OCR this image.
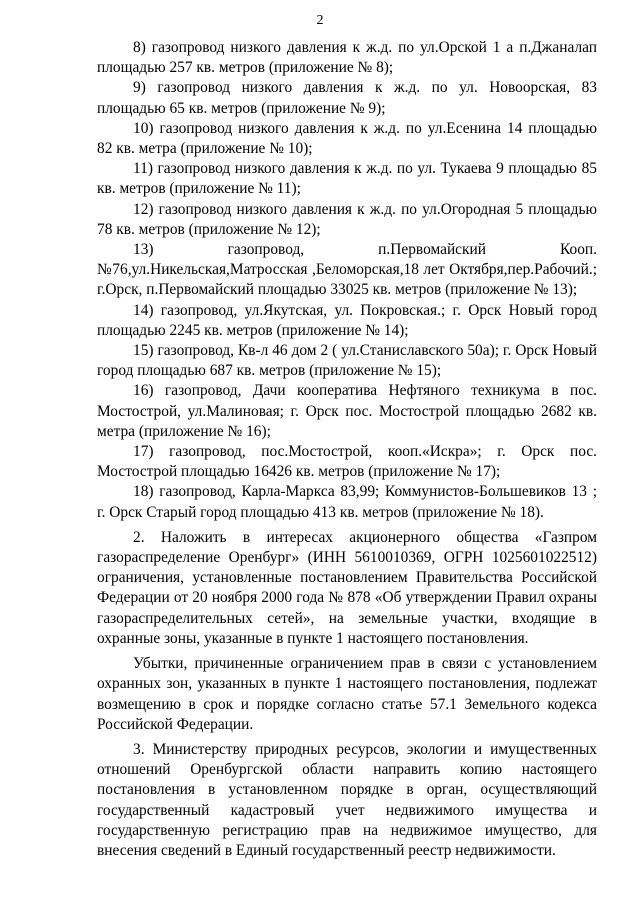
2

8) газопровод низкого давления к ж.д. по ул.Орской 1 а п.Джаналап площадью 257 кв. метров (приложение № 8);

9) газопровод низкого давления к ж.д. по ул. Новоорская, 83 площадью 65 кв. метров (приложение № 9);

10) газопровод низкого давления к ж.д. по ул.Есенина 14 площадью 82 кв. метра (приложение № 10);

11) газопровод низкого давления к ж.д. по ул. Тукаева 9 площадью 85 кв. метров (приложение № 11);

12) газопровод низкого давления к ж.д. по ул.Огородная 5 площадью 78 кв. метров (приложение № 12);

13) газопровод, п.Первомайский Кооп. №76,ул.Никельская,Матросская ,Беломорская,18 лет Октября,пер.Рабочий.; г.Орск, п.Первомайский площадью 33025 кв. метров (приложение № 13);

14) газопровод, ул.Якутская, ул. Покровская.; г. Орск Новый город площадью 2245 кв. метров (приложение № 14);

15) газопровод, Кв-л 46 дом 2 ( ул.Станиславского 50а); г. Орск Новый город площадью 687 кв. метров (приложение № 15);

16) газопровод, Дачи кооператива Нефтяного техникума в пос. Мостострой, ул.Малиновая; г. Орск пос. Мостострой площадью 2682 кв. метра (приложение № 16);

17) газопровод, пос.Мостострой, кооп.«Искра»; г. Орск пос. Мостострой площадью 16426 кв. метров (приложение № 17);

18) газопровод, Карла-Маркса 83,99; Коммунистов-Большевиков 13 ; г. Орск Старый город площадью 413 кв. метров (приложение № 18).

2. Наложить в интересах акционерного общества «Газпром газораспределение Оренбург» (ИНН 5610010369, ОГРН 1025601022512) ограничения, установленные постановлением Правительства Российской Федерации от 20 ноября 2000 года № 878 «Об утверждении Правил охраны газораспределительных сетей», на земельные участки, входящие в охранные зоны, указанные в пункте 1 настоящего постановления.

Убытки, причиненные ограничением прав в связи с установлением охранных зон, указанных в пункте 1 настоящего постановления, подлежат возмещению в срок и порядке согласно статье 57.1 Земельного кодекса Российской Федерации.

3. Министерству природных ресурсов, экологии и имущественных отношений Оренбургской области направить копию настоящего постановления в установленном порядке в орган, осуществляющий государственный кадастровый учет недвижимого имущества и государственную регистрацию прав на недвижимое имущество, для внесения сведений в Единый государственный реестр недвижимости.
